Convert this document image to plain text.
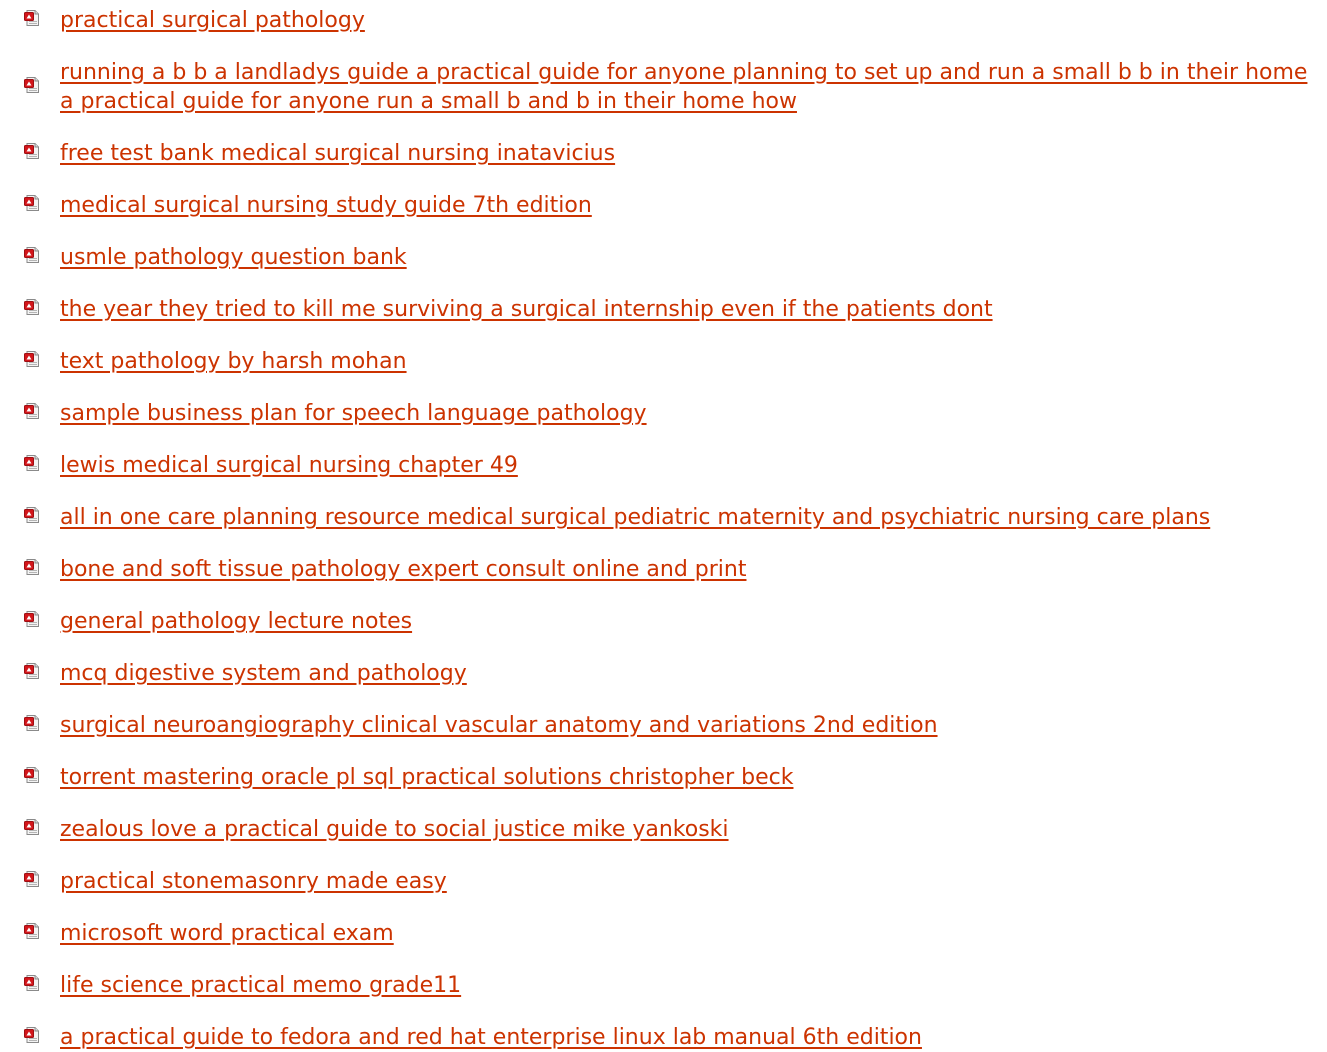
practical surgical pathology
running a b b a landladys guide a practical guide for anyone planning to set up and run a small b b in their home a practical guide for anyone run a small b and b in their home how
free test bank medical surgical nursing inatavicius
medical surgical nursing study guide 7th edition
usmle pathology question bank
the year they tried to kill me surviving a surgical internship even if the patients dont
text pathology by harsh mohan
sample business plan for speech language pathology
lewis medical surgical nursing chapter 49
all in one care planning resource medical surgical pediatric maternity and psychiatric nursing care plans
bone and soft tissue pathology expert consult online and print
general pathology lecture notes
mcq digestive system and pathology
surgical neuroangiography clinical vascular anatomy and variations 2nd edition
torrent mastering oracle pl sql practical solutions christopher beck
zealous love a practical guide to social justice mike yankoski
practical stonemasonry made easy
microsoft word practical exam
life science practical memo grade11
a practical guide to fedora and red hat enterprise linux lab manual 6th edition
